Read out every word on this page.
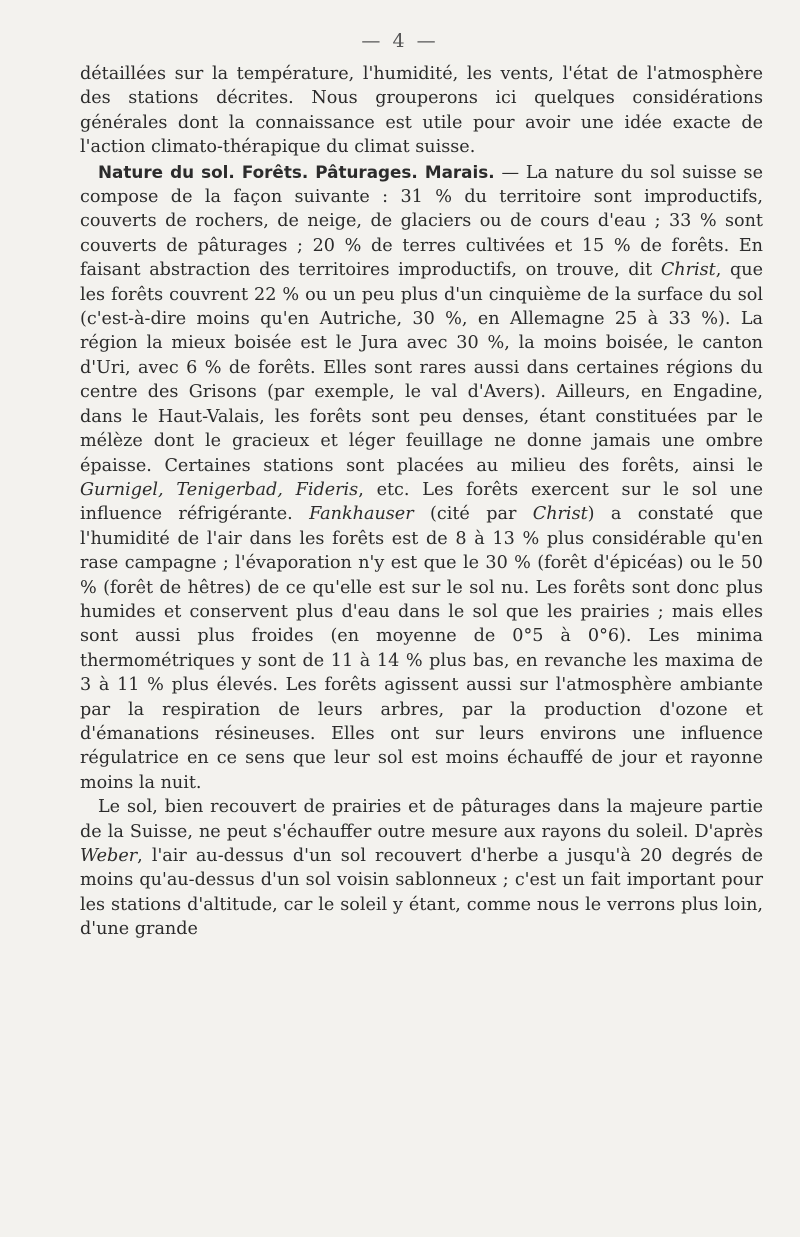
— 4 —

détaillées sur la température, l'humidité, les vents, l'état de l'atmosphère des stations décrites. Nous grouperons ici quelques considérations générales dont la connaissance est utile pour avoir une idée exacte de l'action climato-thérapique du climat suisse.

Nature du sol. Forêts. Pâturages. Marais. — La nature du sol suisse se compose de la façon suivante : 31 % du territoire sont improductifs, couverts de rochers, de neige, de glaciers ou de cours d'eau ; 33 % sont couverts de pâturages ; 20 % de terres cultivées et 15 % de forêts. En faisant abstraction des territoires improductifs, on trouve, dit Christ, que les forêts couvrent 22 % ou un peu plus d'un cinquième de la surface du sol (c'est-à-dire moins qu'en Autriche, 30 %, en Allemagne 25 à 33 %). La région la mieux boisée est le Jura avec 30 %, la moins boisée, le canton d'Uri, avec 6 % de forêts. Elles sont rares aussi dans certaines régions du centre des Grisons (par exemple, le val d'Avers). Ailleurs, en Engadine, dans le Haut-Valais, les forêts sont peu denses, étant constituées par le mélèze dont le gracieux et léger feuillage ne donne jamais une ombre épaisse. Certaines stations sont placées au milieu des forêts, ainsi le Gurnigel, Tenigerbad, Fideris, etc. Les forêts exercent sur le sol une influence réfrigérante. Fankhauser (cité par Christ) a constaté que l'humidité de l'air dans les forêts est de 8 à 13 % plus considérable qu'en rase campagne ; l'évaporation n'y est que le 30 % (forêt d'épicéas) ou le 50 % (forêt de hêtres) de ce qu'elle est sur le sol nu. Les forêts sont donc plus humides et conservent plus d'eau dans le sol que les prairies ; mais elles sont aussi plus froides (en moyenne de 0°5 à 0°6). Les minima thermométriques y sont de 11 à 14 % plus bas, en revanche les maxima de 3 à 11 % plus élevés. Les forêts agissent aussi sur l'atmosphère ambiante par la respiration de leurs arbres, par la production d'ozone et d'émanations résineuses. Elles ont sur leurs environs une influence régulatrice en ce sens que leur sol est moins échauffé de jour et rayonne moins la nuit.

Le sol, bien recouvert de prairies et de pâturages dans la majeure partie de la Suisse, ne peut s'échauffer outre mesure aux rayons du soleil. D'après Weber, l'air au-dessus d'un sol recouvert d'herbe a jusqu'à 20 degrés de moins qu'au-dessus d'un sol voisin sablonneux ; c'est un fait important pour les stations d'altitude, car le soleil y étant, comme nous le verrons plus loin, d'une grande
